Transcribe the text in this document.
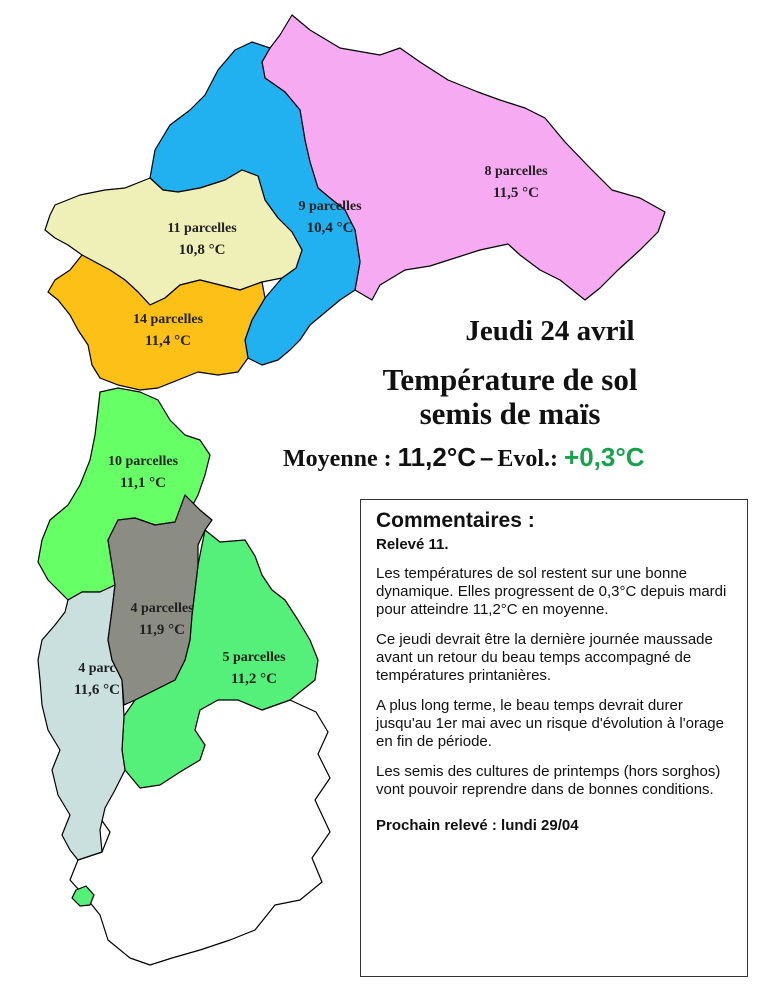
8 parcelles
11,5 °C
9 parcelles
10,4 °C
11 parcelles
10,8 °C
14 parcelles
11,4 °C
10 parcelles
11,1 °C
4 parcelles
11,9 °C
4 parc
11,6 °C
5 parcelles
11,2 °C
Jeudi 24 avril
Température de sol
semis de maïs
Moyenne : 11,2°C – Evol.: +0,3°C
Commentaires :
Relevé 11.
Les températures de sol restent sur une bonne dynamique. Elles progressent de 0,3°C depuis mardi pour atteindre 11,2°C en moyenne.
Ce jeudi devrait être la dernière journée maussade avant un retour du beau temps accompagné de températures printanières.
A plus long terme, le beau temps devrait durer jusqu'au 1er mai avec un risque d'évolution à l'orage en fin de période.
Les semis des cultures de printemps (hors sorghos) vont pouvoir reprendre dans de bonnes conditions.
Prochain relevé : lundi 29/04
